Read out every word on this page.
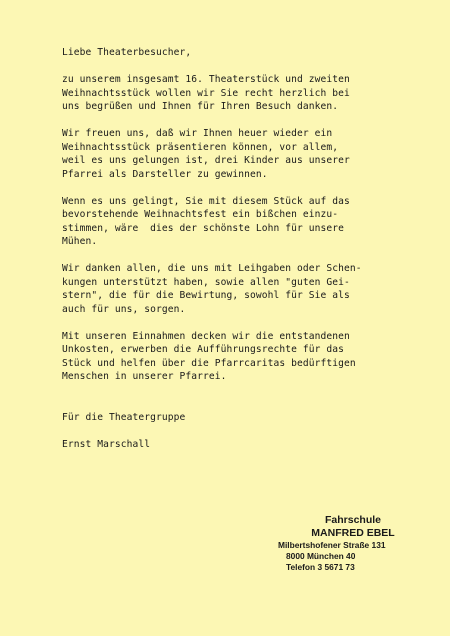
Liebe Theaterbesucher,
zu unserem insgesamt 16. Theaterstück und zweiten
Weihnachtsstück wollen wir Sie recht herzlich bei
uns begrüßen und Ihnen für Ihren Besuch danken.
Wir freuen uns, daß wir Ihnen heuer wieder ein
Weihnachtsstück präsentieren können, vor allem,
weil es uns gelungen ist, drei Kinder aus unserer
Pfarrei als Darsteller zu gewinnen.
Wenn es uns gelingt, Sie mit diesem Stück auf das
bevorstehende Weihnachtsfest ein bißchen einzu-
stimmen, wäre  dies der schönste Lohn für unsere
Mühen.
Wir danken allen, die uns mit Leihgaben oder Schen-
kungen unterstützt haben, sowie allen "guten Gei-
stern", die für die Bewirtung, sowohl für Sie als
auch für uns, sorgen.
Mit unseren Einnahmen decken wir die entstandenen
Unkosten, erwerben die Aufführungsrechte für das
Stück und helfen über die Pfarrcaritas bedürftigen
Menschen in unserer Pfarrei.
Für die Theatergruppe
Ernst Marschall
Fahrschule
MANFRED EBEL
Milbertshofener Straße 131
8000 München 40
Telefon 3 5671 73
